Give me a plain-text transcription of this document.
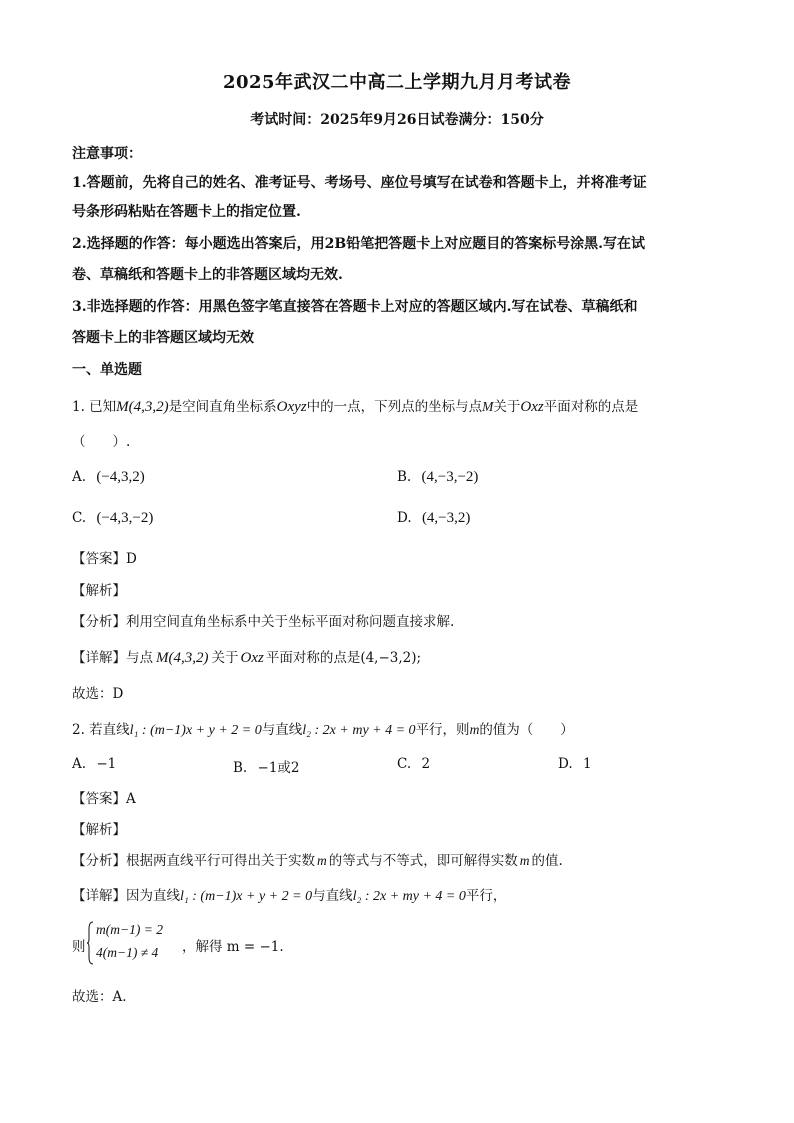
2025年武汉二中高二上学期九月月考试卷
考试时间：2025年9月26日试卷满分：150分
注意事项：
1.答题前，先将自己的姓名、准考证号、考场号、座位号填写在试卷和答题卡上，并将准考证
号条形码粘贴在答题卡上的指定位置.
2.选择题的作答：每小题选出答案后，用2B铅笔把答题卡上对应题目的答案标号涂黑.写在试
卷、草稿纸和答题卡上的非答题区域均无效.
3.非选择题的作答：用黑色签字笔直接答在答题卡上对应的答题区域内.写在试卷、草稿纸和
答题卡上的非答题区域均无效
一、单选题
1. 已知M(4,3,2)是空间直角坐标系Oxyz中的一点，下列点的坐标与点M关于Oxz平面对称的点是
（　　）.
A. (−4,3,2)	B. (4,−3,−2)
C. (−4,3,−2)	D. (4,−3,2)
【答案】D
【解析】
【分析】利用空间直角坐标系中关于坐标平面对称问题直接求解.
【详解】与点 M(4,3,2) 关于 Oxz 平面对称的点是(4,−3,2);
故选：D
2. 若直线l₁ : (m−1)x + y + 2 = 0与直线l₂ : 2x + my + 4 = 0平行，则m的值为（　　）
A. −1	B. −1或2	C. 2	D. 1
【答案】A
【解析】
【分析】根据两直线平行可得出关于实数 m 的等式与不等式，即可解得实数 m 的值.
【详解】因为直线l₁ : (m−1)x + y + 2 = 0与直线l₂ : 2x + my + 4 = 0平行，
则
m(m−1) = 2
4(m−1) ≠ 4 ，解得 m = −1.
故选：A.
